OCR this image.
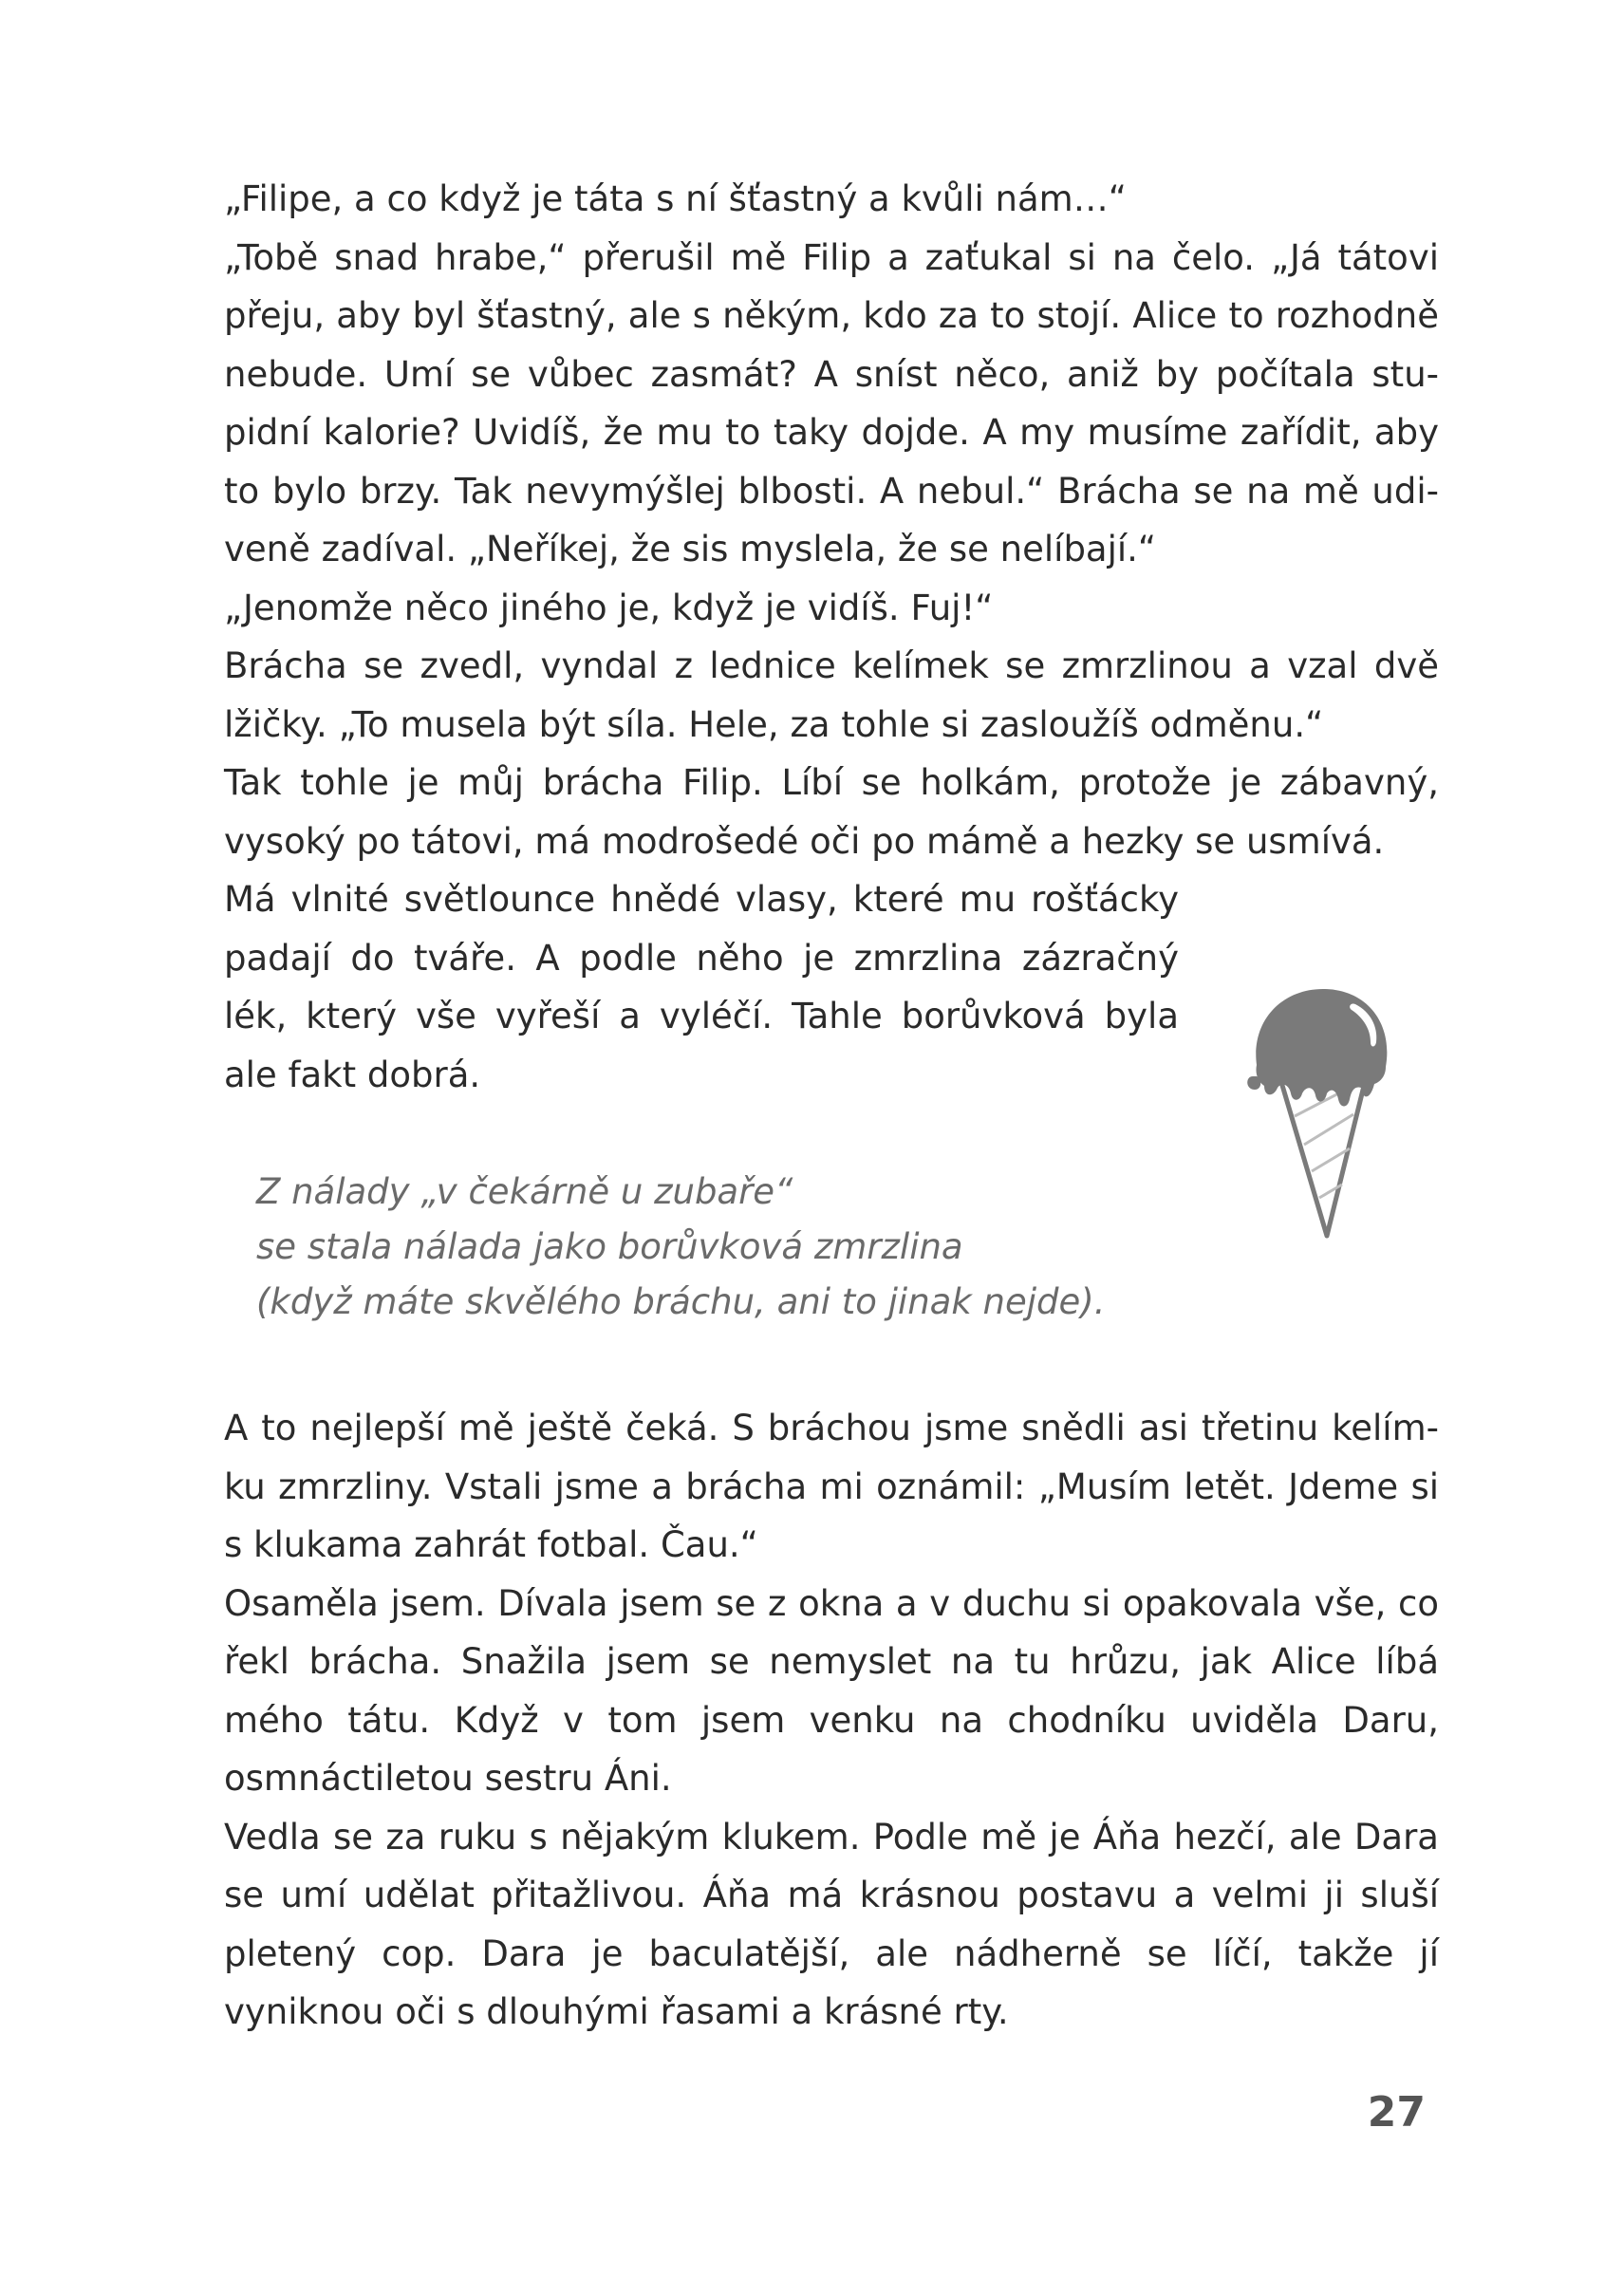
„Filipe, a co když je táta s ní šťastný a kvůli nám…“

„Tobě snad hrabe,“ přerušil mě Filip a zaťukal si na čelo. „Já tátovi přeju, aby byl šťastný, ale s někým, kdo za to stojí. Alice to rozhodně nebude. Umí se vůbec zasmát? A sníst něco, aniž by počítala stupidní kalorie? Uvidíš, že mu to taky dojde. A my musíme zařídit, aby to bylo brzy. Tak nevymýšlej blbosti. A nebul.“ Brácha se na mě udiveně zadíval. „Neříkej, že sis myslela, že se nelíbají.“

„Jenomže něco jiného je, když je vidíš. Fuj!“

Brácha se zvedl, vyndal z lednice kelímek se zmrzlinou a vzal dvě lžičky. „To musela být síla. Hele, za tohle si zasloužíš odměnu.“

Tak tohle je můj brácha Filip. Líbí se holkám, protože je zábavný, vysoký po tátovi, má modrošedé oči po mámě a hezky se usmívá.

Má vlnité světlounce hnědé vlasy, které mu rošťácky padají do tváře. A podle něho je zmrzlina zázračný lék, který vše vyřeší a vyléčí. Tahle borůvková byla ale fakt dobrá.

Z nálady „v čekárně u zubaře“

se stala nálada jako borůvková zmrzlina

(když máte skvělého bráchu, ani to jinak nejde).

A to nejlepší mě ještě čeká. S bráchou jsme snědli asi třetinu kelímku zmrzliny. Vstali jsme a brácha mi oznámil: „Musím letět. Jdeme si s klukama zahrát fotbal. Čau.“

Osaměla jsem. Dívala jsem se z okna a v duchu si opakovala vše, co řekl brácha. Snažila jsem se nemyslet na tu hrůzu, jak Alice líbá mého tátu. Když v tom jsem venku na chodníku uviděla Daru, osmnáctiletou sestru Áni.

Vedla se za ruku s nějakým klukem. Podle mě je Áňa hezčí, ale Dara se umí udělat přitažlivou. Áňa má krásnou postavu a velmi ji sluší pletený cop. Dara je baculatější, ale nádherně se líčí, takže jí vyniknou oči s dlouhými řasami a krásné rty.

27
